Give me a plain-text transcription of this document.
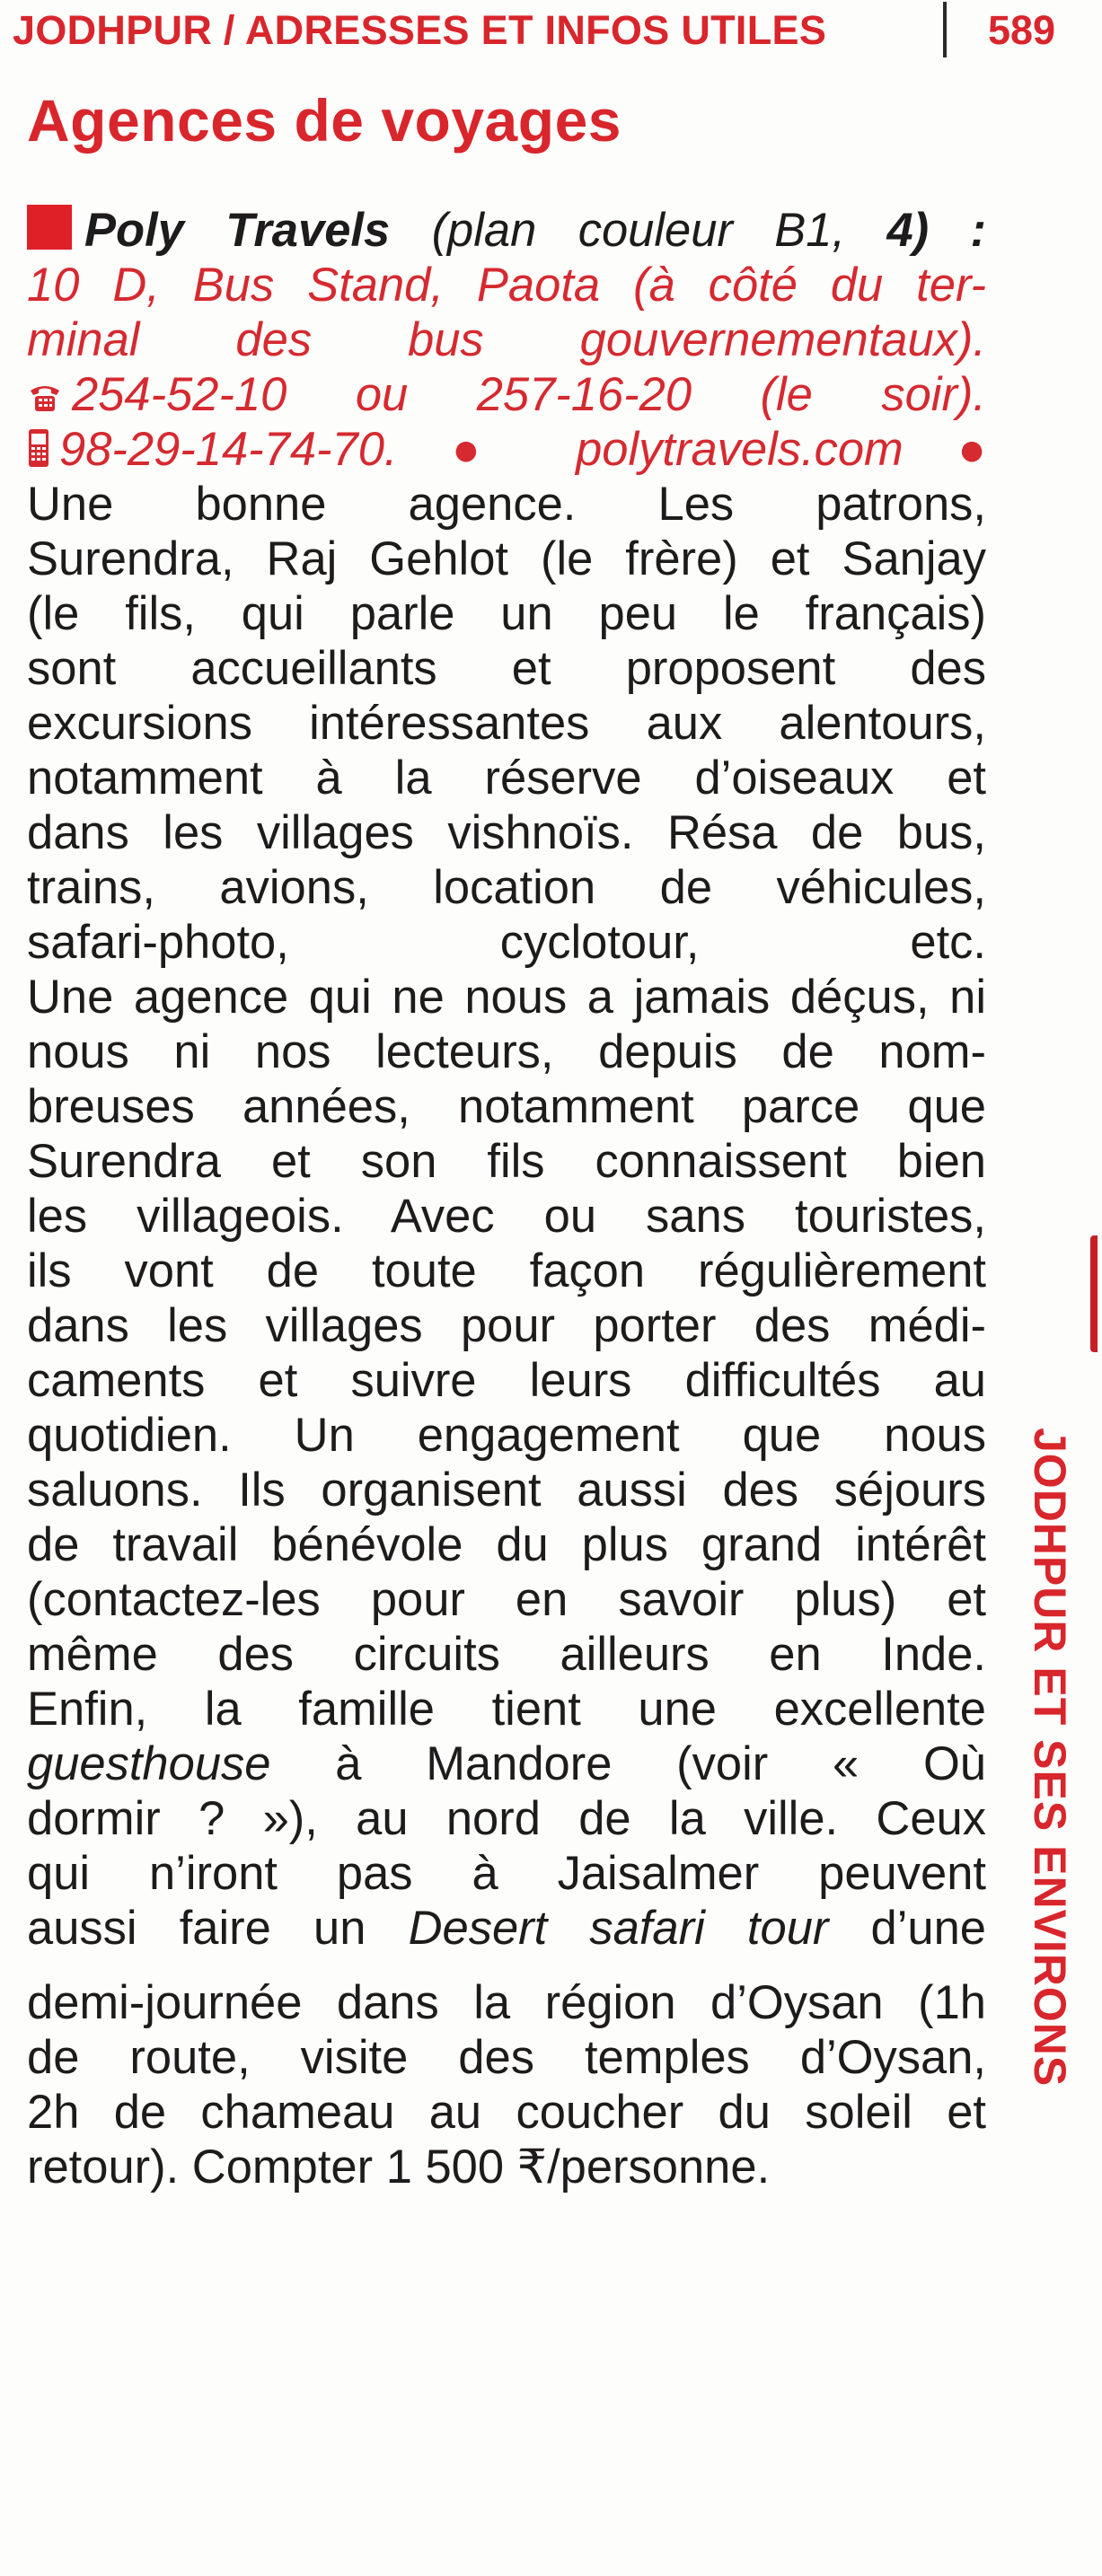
JODHPUR / ADRESSES ET INFOS UTILES	589
Agences de voyages
Poly Travels (plan couleur B1, 4) :
10 D, Bus Stand, Paota (à côté du ter-
minal des bus gouvernementaux).
254-52-10 ou 257-16-20 (le soir).
98-29-14-74-70. ● polytravels.com ●
Une bonne agence. Les patrons,
Surendra, Raj Gehlot (le frère) et Sanjay
(le fils, qui parle un peu le français)
sont accueillants et proposent des
excursions intéressantes aux alentours,
notamment à la réserve d’oiseaux et
dans les villages vishnoïs. Résa de bus,
trains, avions, location de véhicules,
safari-photo, cyclotour, etc.
Une agence qui ne nous a jamais déçus, ni
nous ni nos lecteurs, depuis de nom-
breuses années, notamment parce que
Surendra et son fils connaissent bien
les villageois. Avec ou sans touristes,
ils vont de toute façon régulièrement
dans les villages pour porter des médi-
caments et suivre leurs difficultés au
quotidien. Un engagement que nous
saluons. Ils organisent aussi des séjours
de travail bénévole du plus grand intérêt
(contactez-les pour en savoir plus) et
même des circuits ailleurs en Inde.
Enfin, la famille tient une excellente
guesthouse à Mandore (voir « Où
dormir ? »), au nord de la ville. Ceux
qui n’iront pas à Jaisalmer peuvent
aussi faire un Desert safari tour d’une
demi-journée dans la région d’Oysan (1h
de route, visite des temples d’Oysan,
2h de chameau au coucher du soleil et
retour). Compter 1 500 ₹/personne.
JODHPUR ET SES ENVIRONS
